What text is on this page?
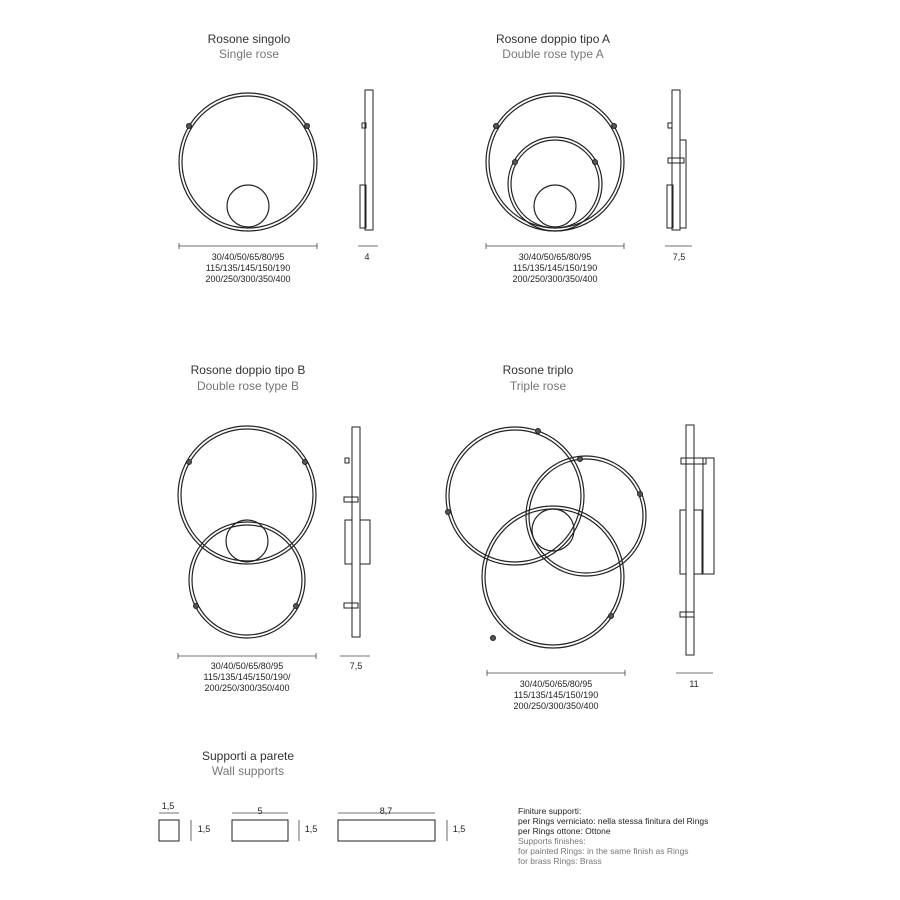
Rosone singolo
Single rose
Rosone doppio tipo A
Double rose type A
Rosone doppio tipo B
Double rose type B
Rosone triplo
Triple rose
Supporti a parete
Wall supports
30/40/50/65/80/95
115/135/145/150/190
200/250/300/350/400
4	30/40/50/65/80/95
115/135/145/150/190
200/250/300/350/400
7,5
30/40/50/65/80/95
115/135/145/150/190/
200/250/300/350/400
7,5
30/40/50/65/80/95
115/135/145/150/190
200/250/300/350/400
11
1,5
1,5
5
1,5
8,7
1,5
Finiture supporti:
per Rings verniciato: nella stessa finitura del Rings
per Rings ottone: Ottone
Supports finishes:
for painted Rings: in the same finish as Rings
for brass Rings: Brass
